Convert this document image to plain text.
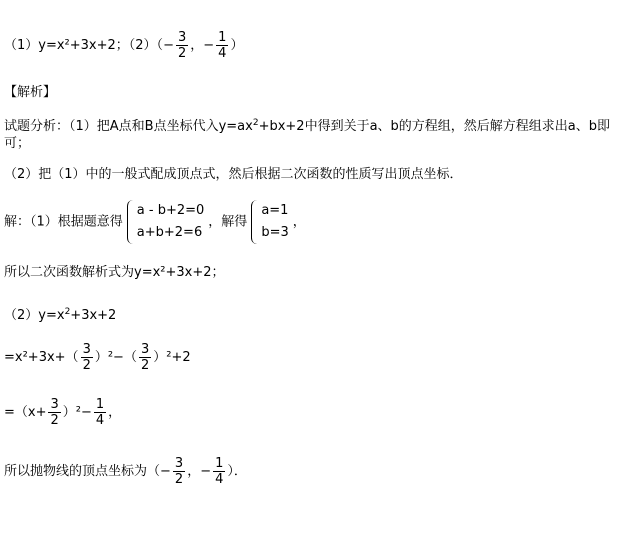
（1）y=x²+3x+2；$(2)(- \frac{3}{2}$ ，− $\frac{1}{4}$ ）
【解析】
试题分析：（1）把A点和B点坐标代入$y=ax^2+bx+2$中得到关于a、b的方程组，然后解方程组求出a、b即可；
（2）把（1）中的一般式配成顶点式，然后根据二次函数的性质写出顶点坐标．
解：（1）根据题意得
a - b+2=0
a+b+2=6
，解得
a=1
b=3
，
所以二次函数解析式为y=x²+3x+2；
$(2)y=x^2+3x+2$
$=x^2+3x+( \frac{3}{2} )^2-( \frac{3}{2} )^2+2$
$=(x+ \frac{3}{2} )^2- \frac{1}{4}$ ，
所以抛物线的顶点坐标为（− $\frac{3}{2}$ ，− $\frac{1}{4}$ ）．
